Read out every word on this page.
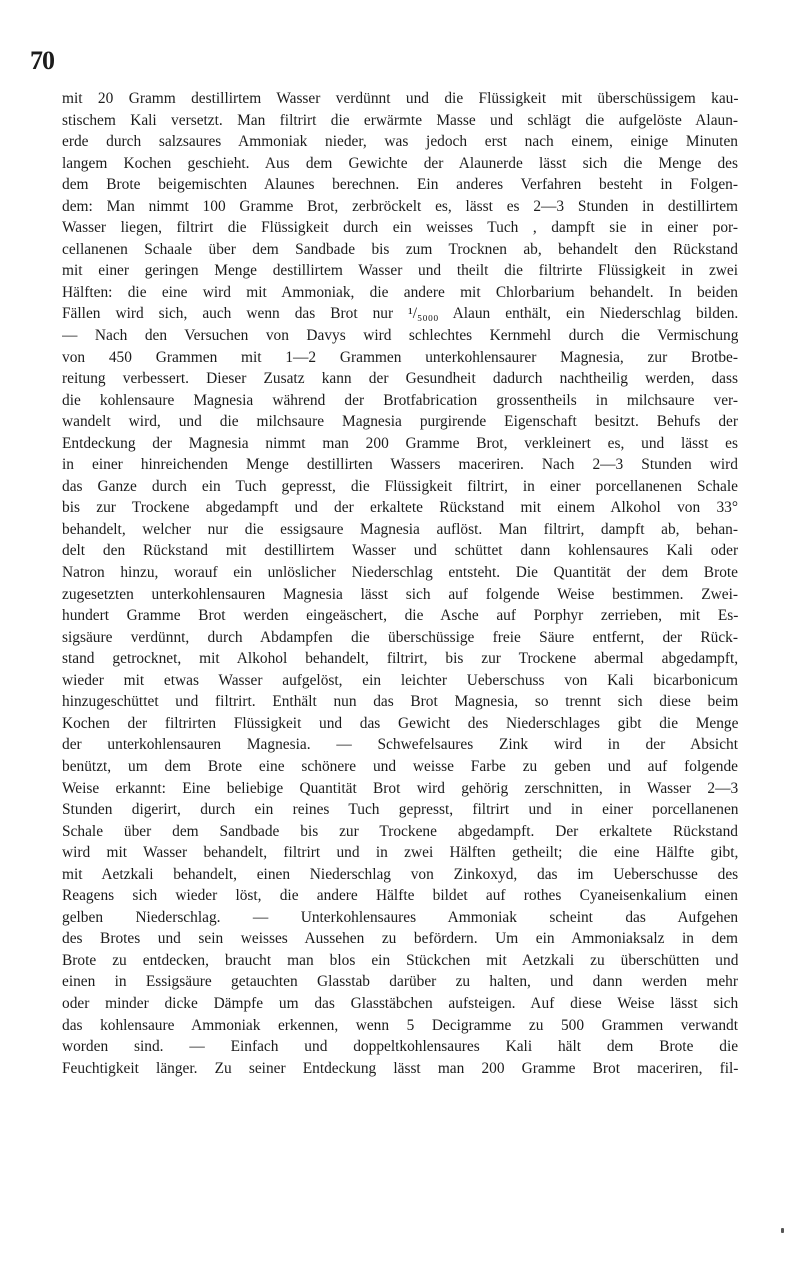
70
mit 20 Gramm destillirtem Wasser verdünnt und die Flüssigkeit mit überschüssigem kau-
stischem Kali versetzt. Man filtrirt die erwärmte Masse und schlägt die aufgelöste Alaun-
erde durch salzsaures Ammoniak nieder, was jedoch erst nach einem, einige Minuten
langem Kochen geschieht. Aus dem Gewichte der Alaunerde lässt sich die Menge des
dem Brote beigemischten Alaunes berechnen. Ein anderes Verfahren besteht in Folgen-
dem: Man nimmt 100 Gramme Brot, zerbröckelt es, lässt es 2—3 Stunden in destillirtem
Wasser liegen, filtrirt die Flüssigkeit durch ein weisses Tuch , dampft sie in einer por-
cellanenen Schaale über dem Sandbade bis zum Trocknen ab, behandelt den Rückstand
mit einer geringen Menge destillirtem Wasser und theilt die filtrirte Flüssigkeit in zwei
Hälften: die eine wird mit Ammoniak, die andere mit Chlorbarium behandelt. In beiden
Fällen wird sich, auch wenn das Brot nur ¹/₅₀₀₀ Alaun enthält, ein Niederschlag bilden.
— Nach den Versuchen von Davys wird schlechtes Kernmehl durch die Vermischung
von 450 Grammen mit 1—2 Grammen unterkohlensaurer Magnesia, zur Brotbe-
reitung verbessert. Dieser Zusatz kann der Gesundheit dadurch nachtheilig werden, dass
die kohlensaure Magnesia während der Brotfabrication grossentheils in milchsaure ver-
wandelt wird, und die milchsaure Magnesia purgirende Eigenschaft besitzt. Behufs der
Entdeckung der Magnesia nimmt man 200 Gramme Brot, verkleinert es, und lässt es
in einer hinreichenden Menge destillirten Wassers maceriren. Nach 2—3 Stunden wird
das Ganze durch ein Tuch gepresst, die Flüssigkeit filtrirt, in einer porcellanenen Schale
bis zur Trockene abgedampft und der erkaltete Rückstand mit einem Alkohol von 33°
behandelt, welcher nur die essigsaure Magnesia auflöst. Man filtrirt, dampft ab, behan-
delt den Rückstand mit destillirtem Wasser und schüttet dann kohlensaures Kali oder
Natron hinzu, worauf ein unlöslicher Niederschlag entsteht. Die Quantität der dem Brote
zugesetzten unterkohlensauren Magnesia lässt sich auf folgende Weise bestimmen. Zwei-
hundert Gramme Brot werden eingeäschert, die Asche auf Porphyr zerrieben, mit Es-
sigsäure verdünnt, durch Abdampfen die überschüssige freie Säure entfernt, der Rück-
stand getrocknet, mit Alkohol behandelt, filtrirt, bis zur Trockene abermal abgedampft,
wieder mit etwas Wasser aufgelöst, ein leichter Ueberschuss von Kali bicarbonicum
hinzugeschüttet und filtrirt. Enthält nun das Brot Magnesia, so trennt sich diese beim
Kochen der filtrirten Flüssigkeit und das Gewicht des Niederschlages gibt die Menge
der unterkohlensauren Magnesia. — Schwefelsaures Zink wird in der Absicht
benützt, um dem Brote eine schönere und weisse Farbe zu geben und auf folgende
Weise erkannt: Eine beliebige Quantität Brot wird gehörig zerschnitten, in Wasser 2—3
Stunden digerirt, durch ein reines Tuch gepresst, filtrirt und in einer porcellanenen
Schale über dem Sandbade bis zur Trockene abgedampft. Der erkaltete Rückstand
wird mit Wasser behandelt, filtrirt und in zwei Hälften getheilt; die eine Hälfte gibt,
mit Aetzkali behandelt, einen Niederschlag von Zinkoxyd, das im Ueberschusse des
Reagens sich wieder löst, die andere Hälfte bildet auf rothes Cyaneisenkalium einen
gelben Niederschlag. — Unterkohlensaures Ammoniak scheint das Aufgehen
des Brotes und sein weisses Aussehen zu befördern. Um ein Ammoniaksalz in dem
Brote zu entdecken, braucht man blos ein Stückchen mit Aetzkali zu überschütten und
einen in Essigsäure getauchten Glasstab darüber zu halten, und dann werden mehr
oder minder dicke Dämpfe um das Glasstäbchen aufsteigen. Auf diese Weise lässt sich
das kohlensaure Ammoniak erkennen, wenn 5 Decigramme zu 500 Grammen verwandt
worden sind. — Einfach und doppeltkohlensaures Kali hält dem Brote die
Feuchtigkeit länger. Zu seiner Entdeckung lässt man 200 Gramme Brot maceriren, fil-
